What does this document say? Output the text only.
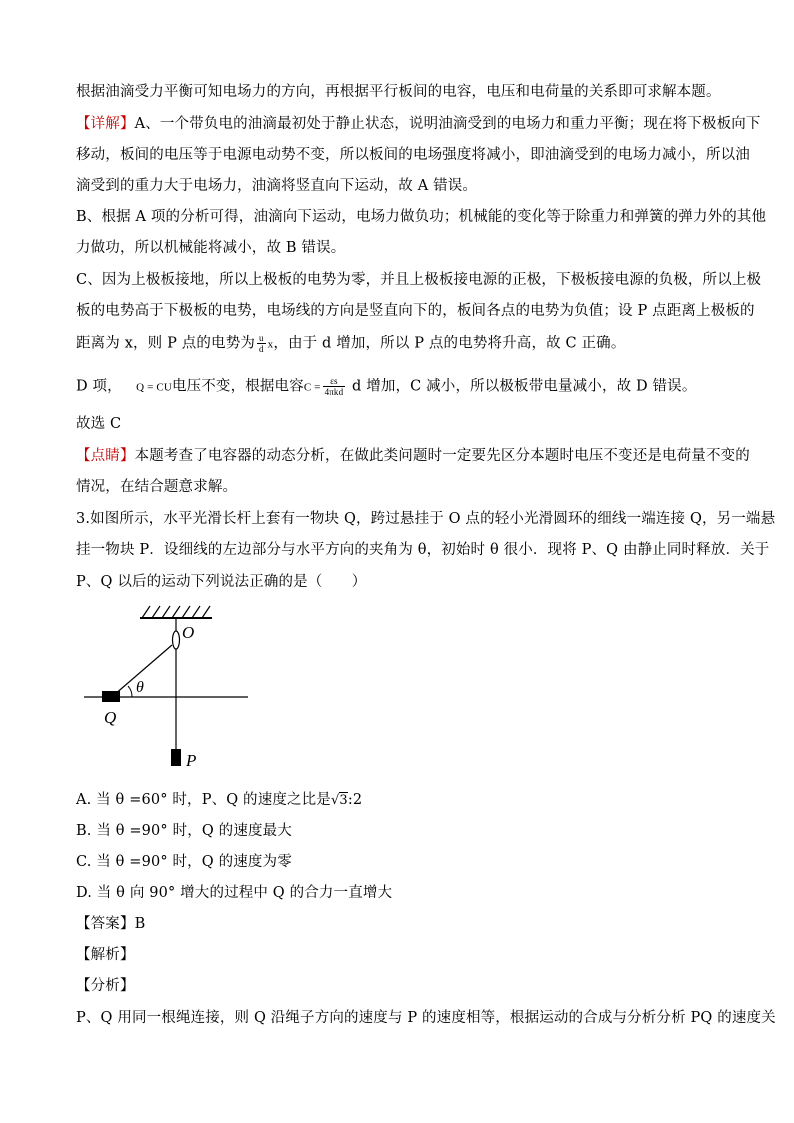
根据油滴受力平衡可知电场力的方向，再根据平行板间的电容，电压和电荷量的关系即可求解本题。
【详解】A、一个带负电的油滴最初处于静止状态，说明油滴受到的电场力和重力平衡；现在将下极板向下
移动，板间的电压等于电源电动势不变，所以板间的电场强度将减小，即油滴受到的电场力减小，所以油
滴受到的重力大于电场力，油滴将竖直向下运动，故 A 错误。
B、根据 A 项的分析可得，油滴向下运动，电场力做负功；机械能的变化等于除重力和弹簧的弹力外的其他
力做功，所以机械能将减小，故 B 错误。
C、因为上极板接地，所以上极板的电势为零，并且上极板接电源的正极，下极板接电源的负极，所以上极
板的电势高于下极板的电势，电场线的方向是竖直向下的，板间各点的电势为负值；设 P 点距离上极板的
距离为 x，则 P 点的电势为 $\frac{u}{d}$ x，由于 d 增加，所以 P 点的电势将升高，故 C 正确。
D 项， Q = CU电压不变，根据电容$C = \frac{\varepsilon s}{\text{4πkd}}$ d 增加，C 减小，所以极板带电量减小，故 D 错误。
故选 C
【点睛】本题考查了电容器的动态分析，在做此类问题时一定要先区分本题时电压不变还是电荷量不变的
情况，在结合题意求解。
3.如图所示，水平光滑长杆上套有一物块 Q，跨过悬挂于 O 点的轻小光滑圆环的细线一端连接 Q，另一端悬
挂一物块 P．设细线的左边部分与水平方向的夹角为 θ，初始时 θ 很小．现将 P、Q 由静止同时释放．关于
P、Q 以后的运动下列说法正确的是（　　）
O
Q
θ
P
A. 当 θ =60° 时，P、Q 的速度之比是√3:2
B. 当 θ =90° 时，Q 的速度最大
C. 当 θ =90° 时，Q 的速度为零
D. 当 θ 向 90° 增大的过程中 Q 的合力一直增大
【答案】B
【解析】
【分析】
P、Q 用同一根绳连接，则 Q 沿绳子方向的速度与 P 的速度相等，根据运动的合成与分析分析 PQ 的速度关
